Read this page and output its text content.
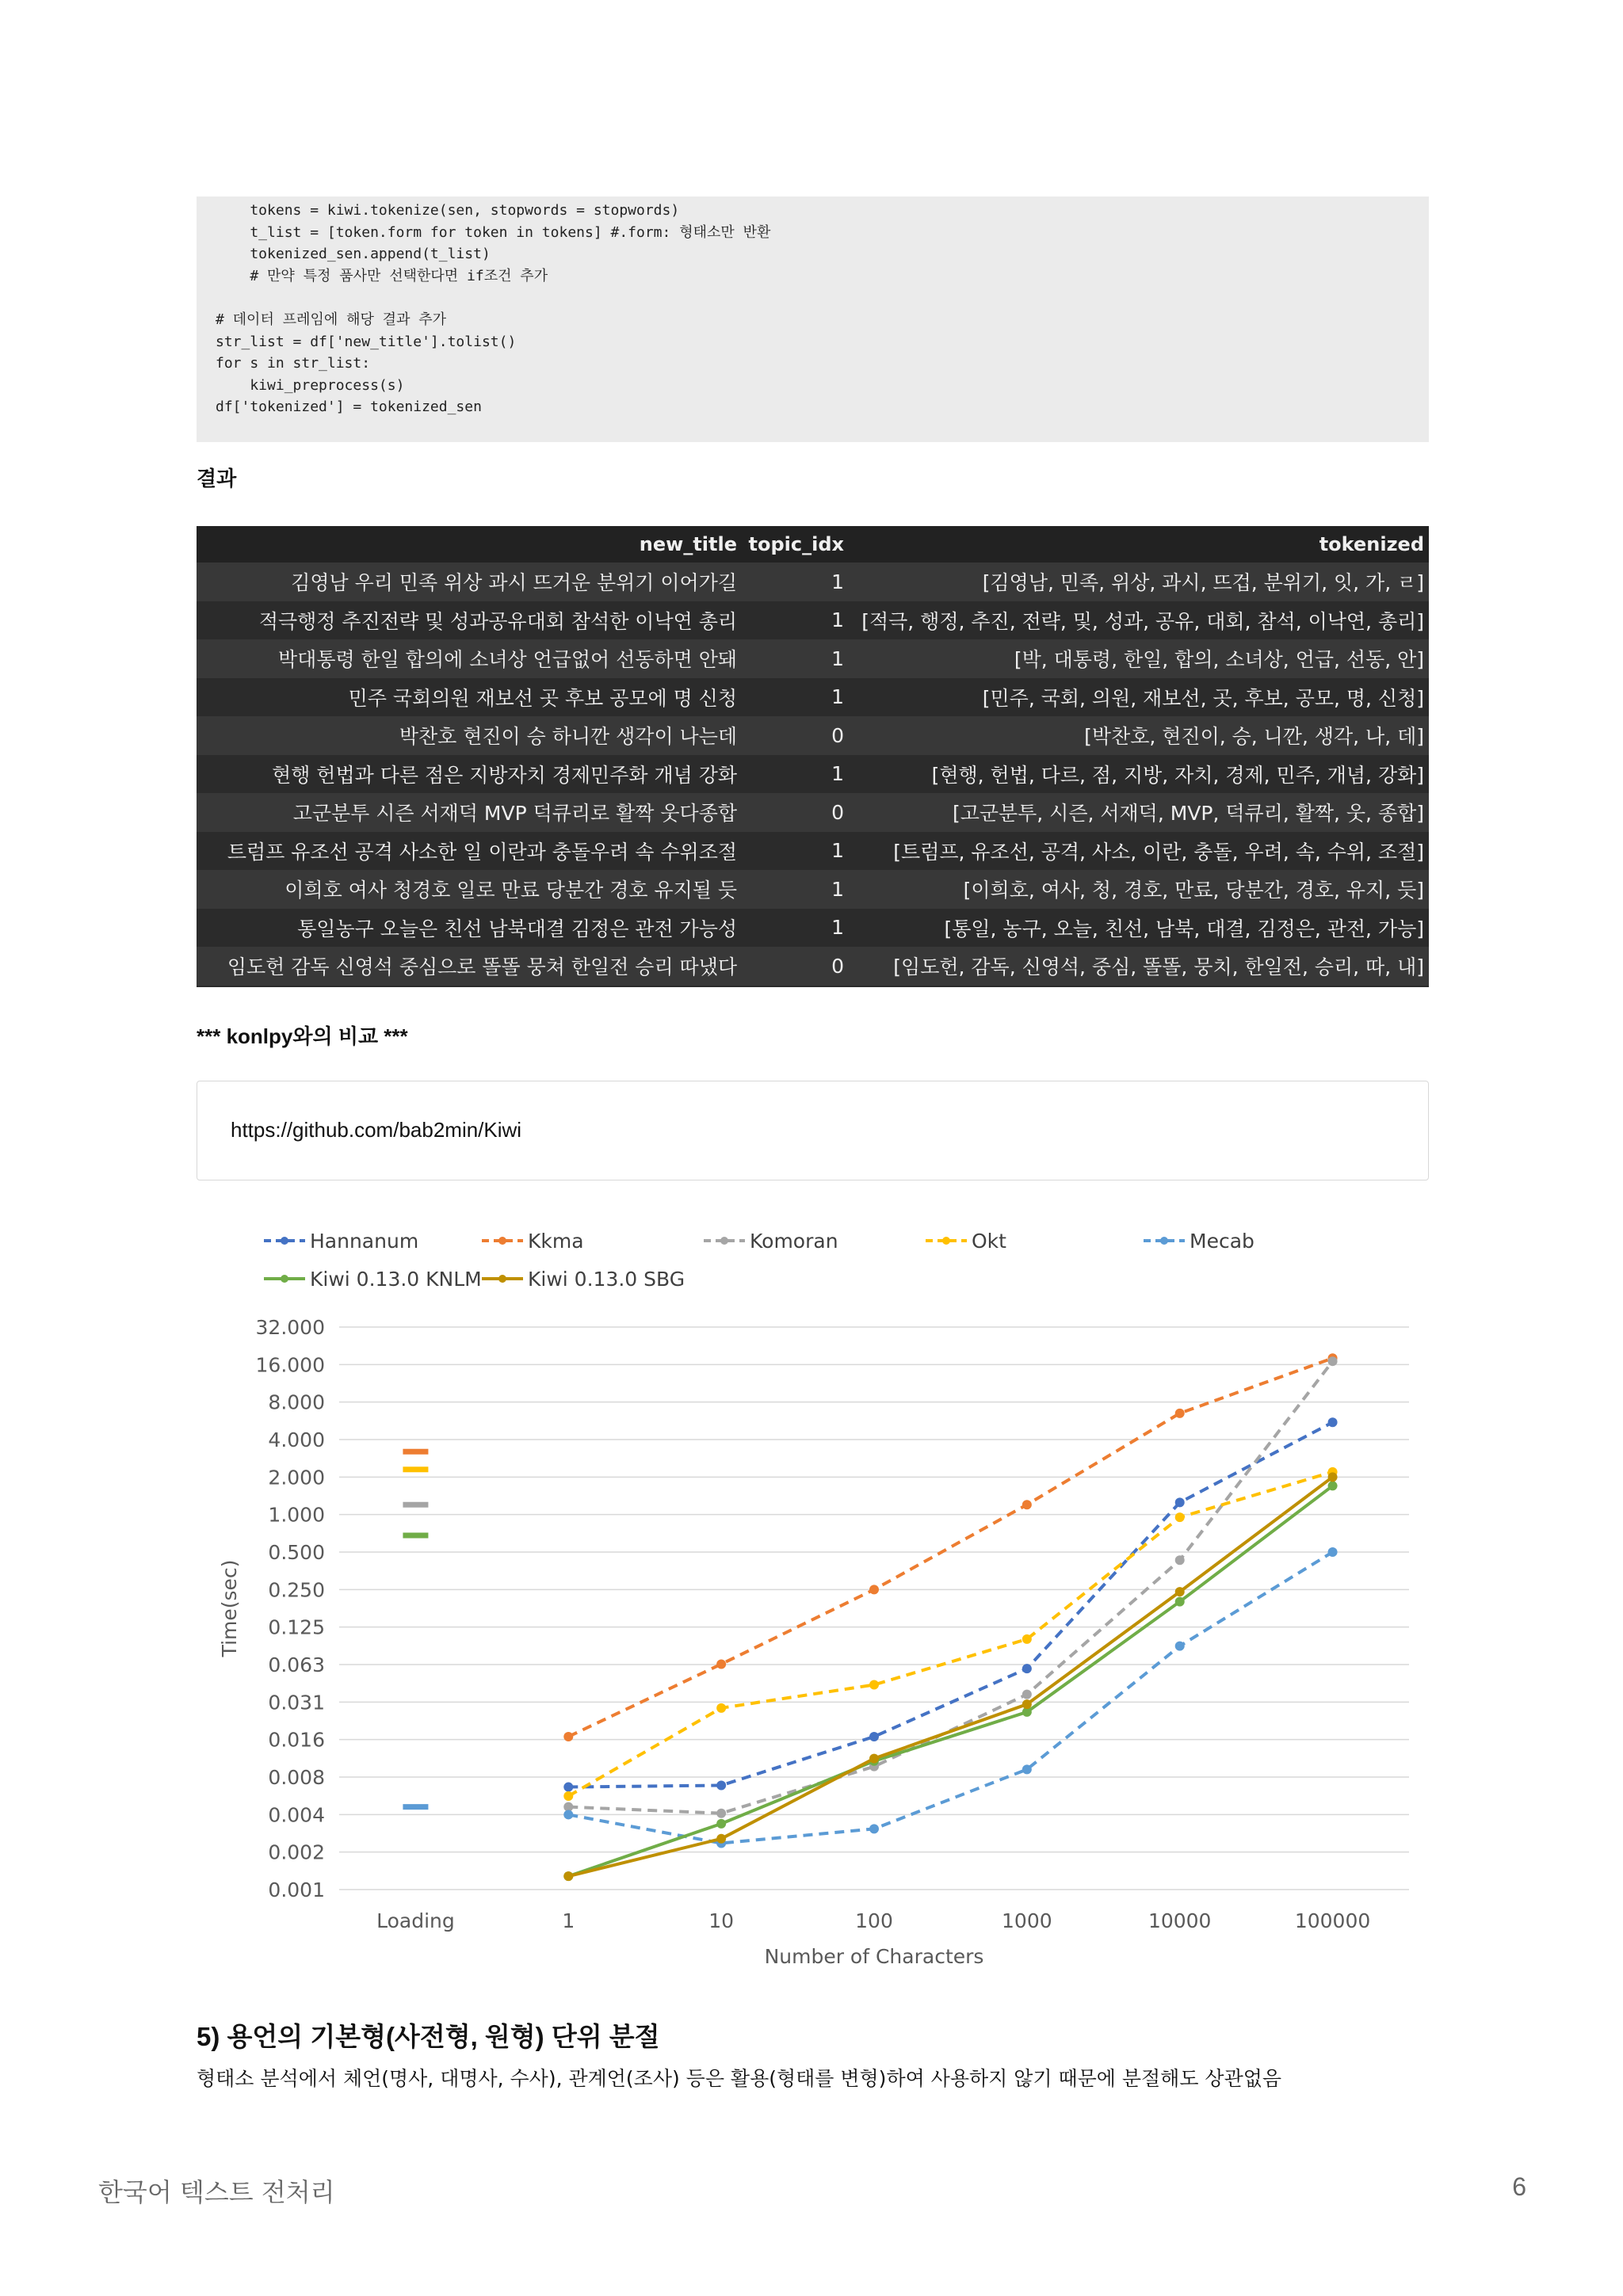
tokens = kiwi.tokenize(sen, stopwords = stopwords)
t_list = [token.form for token in tokens] #.form: 형태소만 반환
tokenized_sen.append(t_list)
# 만약 특정 품사만 선택한다면 if조건 추가
# 데이터 프레임에 해당 결과 추가
str_list = df['new_title'].tolist()
for s in str_list:
kiwi_preprocess(s)
df['tokenized'] = tokenized_sen
결과
new_title topic_idx	tokenized
김영남 우리 민족 위상 과시 뜨거운 분위기 이어가길	1	[김영남, 민족, 위상, 과시, 뜨겁, 분위기, 잇, 가, ㄹ]
적극행정 추진전략 및 성과공유대회 참석한 이낙연 총리	1 [적극, 행정, 추진, 전략, 및, 성과, 공유, 대회, 참석, 이낙연, 총리]
박대통령 한일 합의에 소녀상 언급없어 선동하면 안돼	1	[박, 대통령, 한일, 합의, 소녀상, 언급, 선동, 안]
민주 국회의원 재보선 곳 후보 공모에 명 신청	1	[민주, 국회, 의원, 재보선, 곳, 후보, 공모, 명, 신청]
박찬호 현진이 승 하니깐 생각이 나는데	0	[박찬호, 현진이, 승, 니깐, 생각, 나, 데]
현행 헌법과 다른 점은 지방자치 경제민주화 개념 강화	1	[현행, 헌법, 다르, 점, 지방, 자치, 경제, 민주, 개념, 강화]
고군분투 시즌 서재덕 MVP 덕큐리로 활짝 웃다종합	0	[고군분투, 시즌, 서재덕, MVP, 덕큐리, 활짝, 웃, 종합]
트럼프 유조선 공격 사소한 일 이란과 충돌우려 속 수위조절	1	[트럼프, 유조선, 공격, 사소, 이란, 충돌, 우려, 속, 수위, 조절]
이희호 여사 청경호 일로 만료 당분간 경호 유지될 듯	1	[이희호, 여사, 청, 경호, 만료, 당분간, 경호, 유지, 듯]
통일농구 오늘은 친선 남북대결 김정은 관전 가능성	1	[통일, 농구, 오늘, 친선, 남북, 대결, 김정은, 관전, 가능]
임도헌 감독 신영석 중심으로 똘똘 뭉쳐 한일전 승리 따냈다	0	[임도헌, 감독, 신영석, 중심, 똘똘, 뭉치, 한일전, 승리, 따, 내]
*** konlpy와의 비교 ***
https://github.com/bab2min/Kiwi
32.000
16.000
8.000
4.000
2.000
1.000
0.500
0.250
0.125
0.063
0.031
0.016
0.008
0.004
0.002
0.001
Loading	1	10	100	1000	10000	100000
Number of Characters
Time(sec)
Hannanum	Kkma	Komoran	Okt	Mecab
Kiwi 0.13.0 KNLM Kiwi 0.13.0 SBG
5) 용언의 기본형(사전형, 원형) 단위 분절
형태소 분석에서 체언(명사, 대명사, 수사), 관계언(조사) 등은 활용(형태를 변형)하여 사용하지 않기 때문에 분절해도 상관없음
한국어 텍스트 전처리	6
